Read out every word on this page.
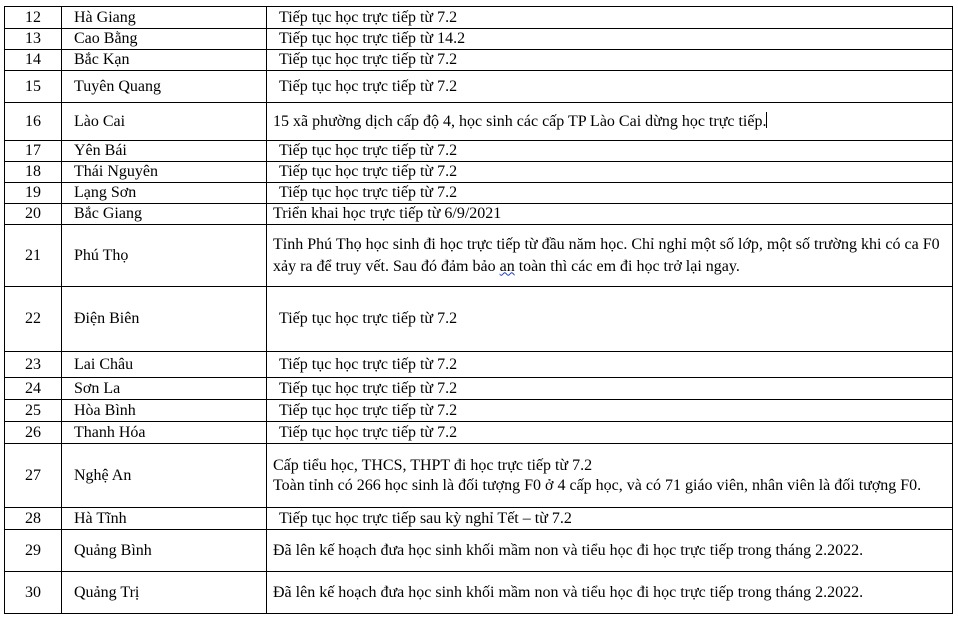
12	Hà Giang	Tiếp tục học trực tiếp từ 7.2
13	Cao Bằng	Tiếp tục học trực tiếp từ 14.2
14	Bắc Kạn	Tiếp tục học trực tiếp từ 7.2
15	Tuyên Quang	Tiếp tục học trực tiếp từ 7.2
16	Lào Cai	15 xã phường dịch cấp độ 4, học sinh các cấp TP Lào Cai dừng học trực tiếp.
17	Yên Bái	Tiếp tục học trực tiếp từ 7.2
18	Thái Nguyên	Tiếp tục học trực tiếp từ 7.2
19	Lạng Sơn	Tiếp tục học trực tiếp từ 7.2
20	Bắc Giang	Triển khai học trực tiếp từ 6/9/2021
21	Phú Thọ	Tỉnh Phú Thọ học sinh đi học trực tiếp từ đầu năm học. Chỉ nghỉ một số lớp, một số trường khi có ca F0 xảy ra để truy vết. Sau đó đảm bảo an toàn thì các em đi học trở lại ngay.
22	Điện Biên	Tiếp tục học trực tiếp từ 7.2
23	Lai Châu	Tiếp tục học trực tiếp từ 7.2
24	Sơn La	Tiếp tục học trực tiếp từ 7.2
25	Hòa Bình	Tiếp tục học trực tiếp từ 7.2
26	Thanh Hóa	Tiếp tục học trực tiếp từ 7.2
27	Nghệ An	Cấp tiểu học, THCS, THPT đi học trực tiếp từ 7.2
Toàn tỉnh có 266 học sinh là đối tượng F0 ở 4 cấp học, và có 71 giáo viên, nhân viên là đối tượng F0.

28	Hà Tĩnh	Tiếp tục học trực tiếp sau kỳ nghỉ Tết – từ 7.2
29	Quảng Bình	Đã lên kế hoạch đưa học sinh khối mầm non và tiểu học đi học trực tiếp trong tháng 2.2022.
30	Quảng Trị	Đã lên kế hoạch đưa học sinh khối mầm non và tiểu học đi học trực tiếp trong tháng 2.2022.
